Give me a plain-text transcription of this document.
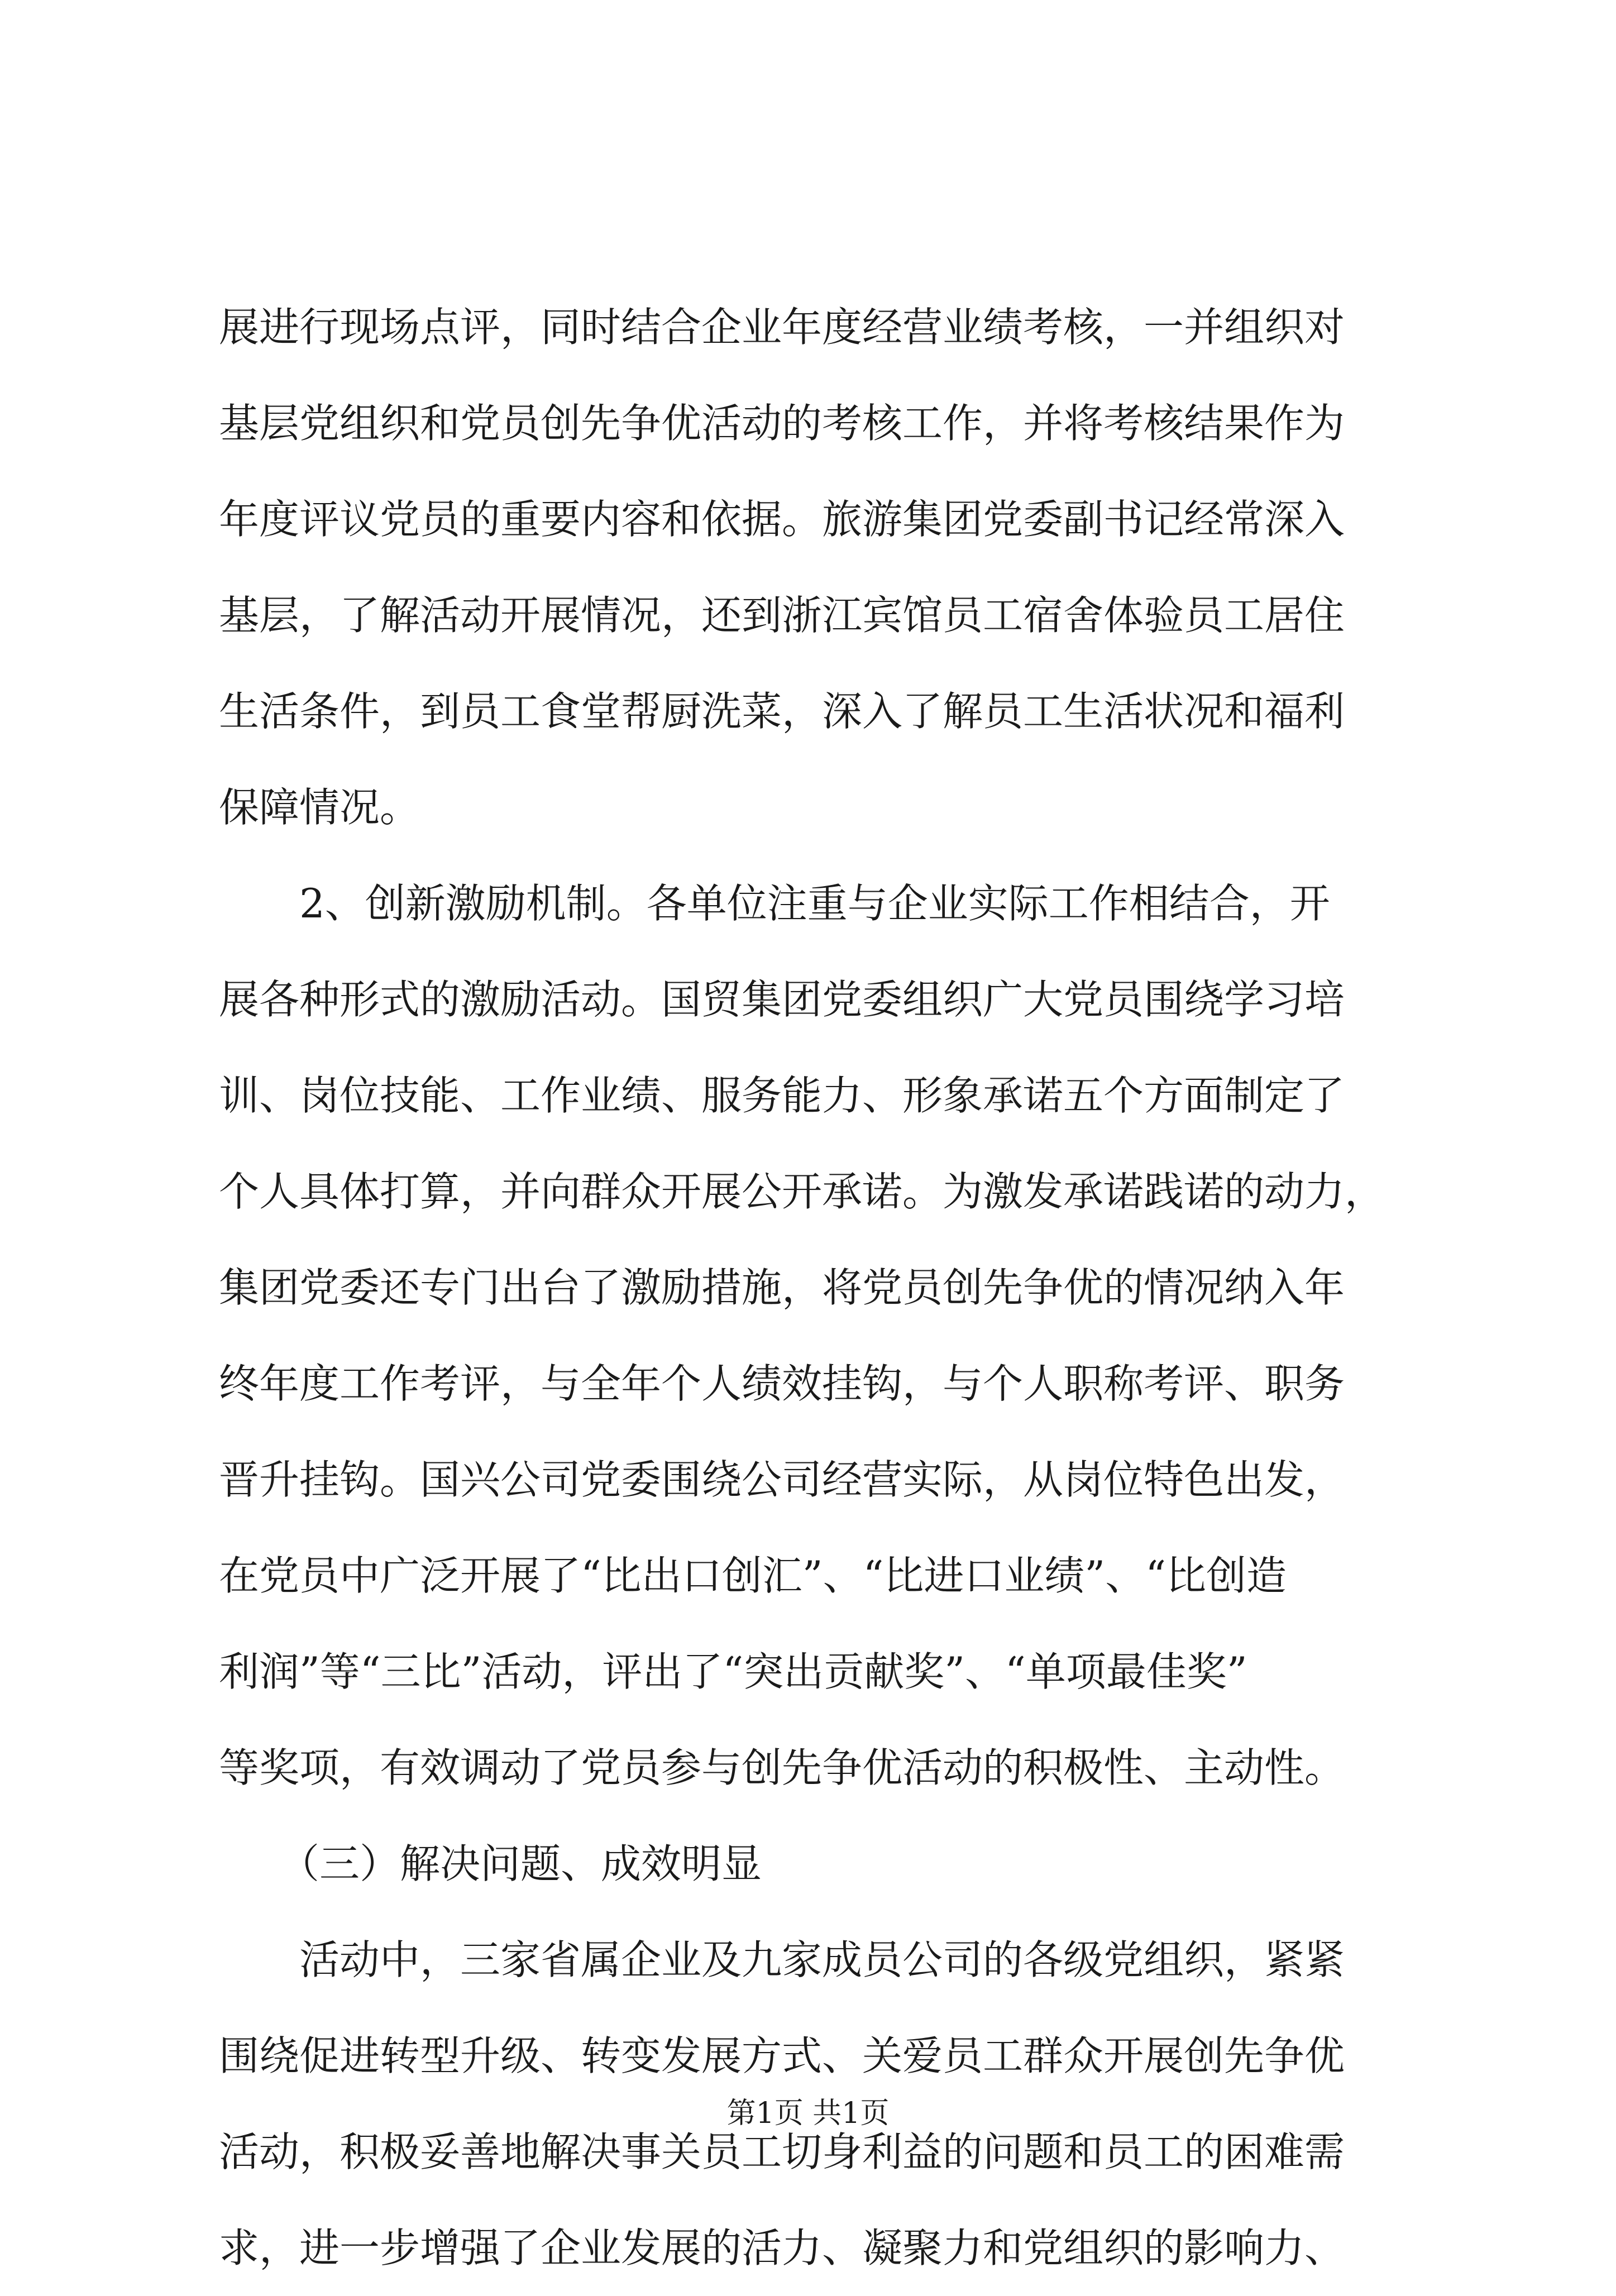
展进行现场点评，同时结合企业年度经营业绩考核，一并组织对
基层党组织和党员创先争优活动的考核工作，并将考核结果作为
年度评议党员的重要内容和依据。旅游集团党委副书记经常深入
基层，了解活动开展情况，还到浙江宾馆员工宿舍体验员工居住
生活条件，到员工食堂帮厨洗菜，深入了解员工生活状况和福利
保障情况。
　　2、创新激励机制。各单位注重与企业实际工作相结合，开
展各种形式的激励活动。国贸集团党委组织广大党员围绕学习培
训、岗位技能、工作业绩、服务能力、形象承诺五个方面制定了
个人具体打算，并向群众开展公开承诺。为激发承诺践诺的动力，
集团党委还专门出台了激励措施，将党员创先争优的情况纳入年
终年度工作考评，与全年个人绩效挂钩，与个人职称考评、职务
晋升挂钩。国兴公司党委围绕公司经营实际，从岗位特色出发，
在党员中广泛开展了“比出口创汇”、“比进口业绩”、“比创造
利润”等“三比”活动，评出了“突出贡献奖”、“单项最佳奖”
等奖项，有效调动了党员参与创先争优活动的积极性、主动性。
　　（三）解决问题、成效明显
　　活动中，三家省属企业及九家成员公司的各级党组织，紧紧
围绕促进转型升级、转变发展方式、关爱员工群众开展创先争优
活动，积极妥善地解决事关员工切身利益的问题和员工的困难需
求，进一步增强了企业发展的活力、凝聚力和党组织的影响力、
第1页 共1页
